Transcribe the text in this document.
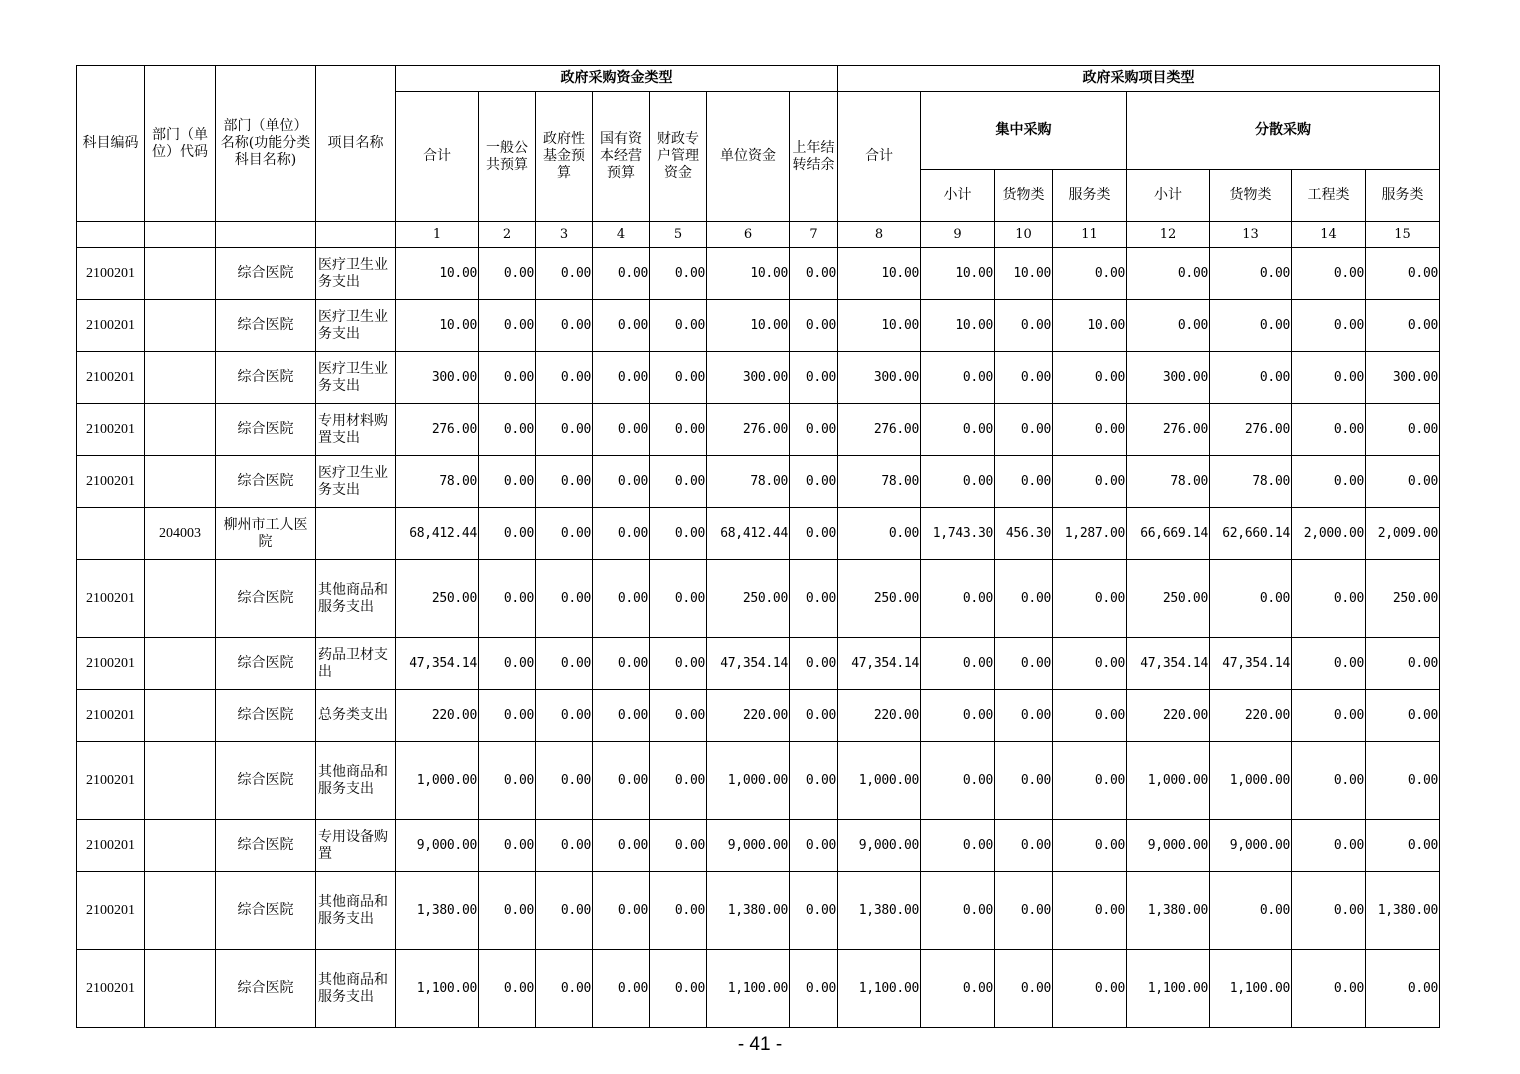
科目编码	部门（单位）代码	部门（单位）名称(功能分类科目名称)	项目名称	政府采购资金类型							政府采购项目类型							
				合计	一般公共预算	政府性基金预算	国有资本经营预算	财政专户管理资金	单位资金	上年结转结余	合计	集中采购			分散采购			
												小计	货物类	服务类	小计	货物类	工程类	服务类
				1	2	3	4	5	6	7	8	9	10	11	12	13	14	15
2100201		综合医院	医疗卫生业务支出	10.00	0.00	0.00	0.00	0.00	10.00	0.00	10.00	10.00	10.00	0.00	0.00	0.00	0.00	0.00
2100201		综合医院	医疗卫生业务支出	10.00	0.00	0.00	0.00	0.00	10.00	0.00	10.00	10.00	0.00	10.00	0.00	0.00	0.00	0.00
2100201		综合医院	医疗卫生业务支出	300.00	0.00	0.00	0.00	0.00	300.00	0.00	300.00	0.00	0.00	0.00	300.00	0.00	0.00	300.00
2100201		综合医院	专用材料购置支出	276.00	0.00	0.00	0.00	0.00	276.00	0.00	276.00	0.00	0.00	0.00	276.00	276.00	0.00	0.00
2100201		综合医院	医疗卫生业务支出	78.00	0.00	0.00	0.00	0.00	78.00	0.00	78.00	0.00	0.00	0.00	78.00	78.00	0.00	0.00
	204003	柳州市工人医院		68,412.44	0.00	0.00	0.00	0.00	68,412.44	0.00	0.00	1,743.30	456.30	1,287.00	66,669.14	62,660.14	2,000.00	2,009.00
2100201		综合医院	其他商品和服务支出	250.00	0.00	0.00	0.00	0.00	250.00	0.00	250.00	0.00	0.00	0.00	250.00	0.00	0.00	250.00
2100201		综合医院	药品卫材支出	47,354.14	0.00	0.00	0.00	0.00	47,354.14	0.00	47,354.14	0.00	0.00	0.00	47,354.14	47,354.14	0.00	0.00
2100201		综合医院	总务类支出	220.00	0.00	0.00	0.00	0.00	220.00	0.00	220.00	0.00	0.00	0.00	220.00	220.00	0.00	0.00
2100201		综合医院	其他商品和服务支出	1,000.00	0.00	0.00	0.00	0.00	1,000.00	0.00	1,000.00	0.00	0.00	0.00	1,000.00	1,000.00	0.00	0.00
2100201		综合医院	专用设备购置	9,000.00	0.00	0.00	0.00	0.00	9,000.00	0.00	9,000.00	0.00	0.00	0.00	9,000.00	9,000.00	0.00	0.00
2100201		综合医院	其他商品和服务支出	1,380.00	0.00	0.00	0.00	0.00	1,380.00	0.00	1,380.00	0.00	0.00	0.00	1,380.00	0.00	0.00	1,380.00
2100201		综合医院	其他商品和服务支出	1,100.00	0.00	0.00	0.00	0.00	1,100.00	0.00	1,100.00	0.00	0.00	0.00	1,100.00	1,100.00	0.00	0.00
- 41 -
